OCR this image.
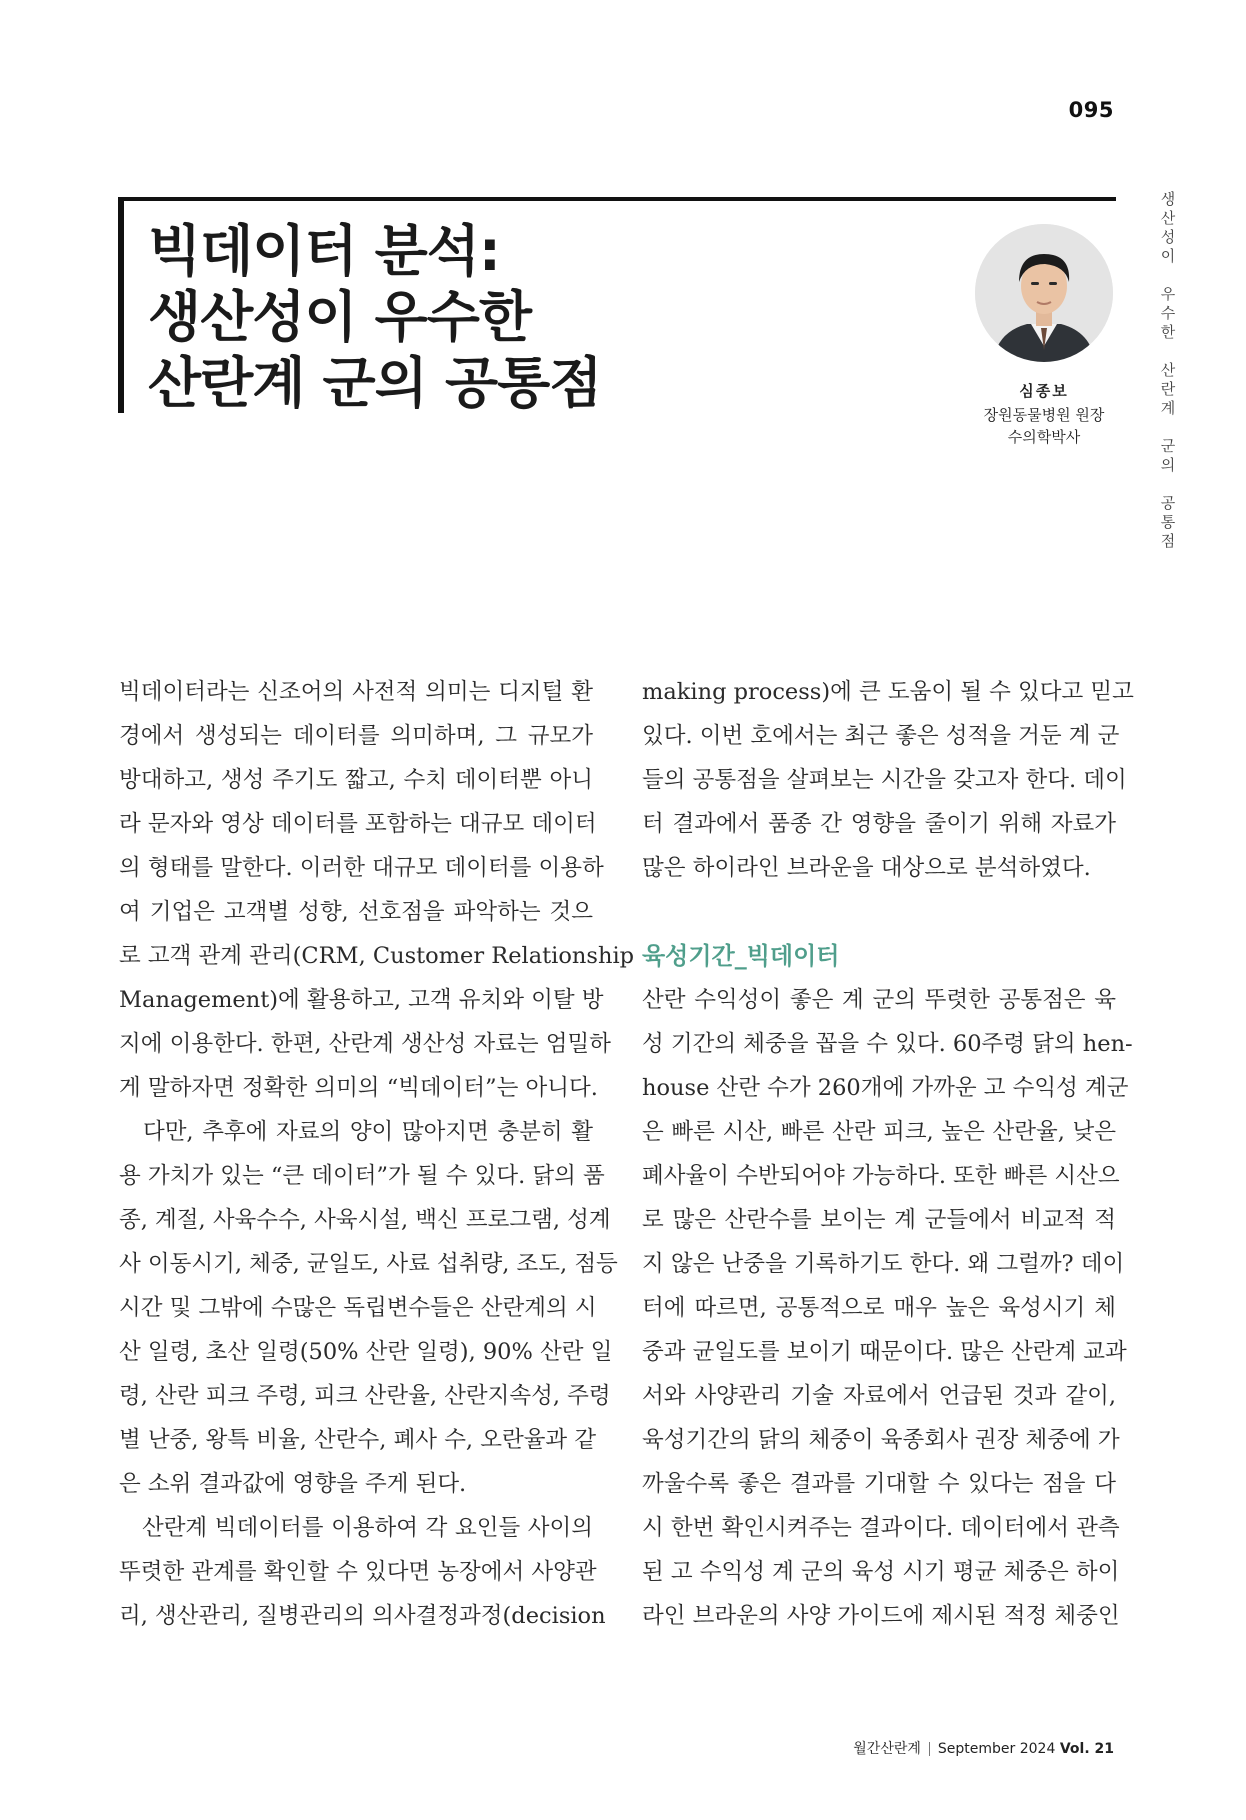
095
빅데이터 분석:
생산성이 우수한
산란계 군의 공통점	심종보
장원동물병원 원장
수의학박사
생
산
성
이
우
수
한
산
란
계
군
의
공
통
점
빅데이터라는 신조어의 사전적 의미는 디지털 환
경에서 생성되는 데이터를 의미하며, 그 규모가
방대하고, 생성 주기도 짧고, 수치 데이터뿐 아니
라 문자와 영상 데이터를 포함하는 대규모 데이터
의 형태를 말한다. 이러한 대규모 데이터를 이용하
여 기업은 고객별 성향, 선호점을 파악하는 것으
로 고객 관계 관리(CRM, Customer Relationship
Management)에 활용하고, 고객 유치와 이탈 방
지에 이용한다. 한편, 산란계 생산성 자료는 엄밀하
게 말하자면 정확한 의미의 “빅데이터”는 아니다.
　다만, 추후에 자료의 양이 많아지면 충분히 활
용 가치가 있는 “큰 데이터”가 될 수 있다. 닭의 품
종, 계절, 사육수수, 사육시설, 백신 프로그램, 성계
사 이동시기, 체중, 균일도, 사료 섭취량, 조도, 점등
시간 및 그밖에 수많은 독립변수들은 산란계의 시
산 일령, 초산 일령(50% 산란 일령), 90% 산란 일
령, 산란 피크 주령, 피크 산란율, 산란지속성, 주령
별 난중, 왕특 비율, 산란수, 폐사 수, 오란율과 같
은 소위 결과값에 영향을 주게 된다.
　산란계 빅데이터를 이용하여 각 요인들 사이의
뚜렷한 관계를 확인할 수 있다면 농장에서 사양관
리, 생산관리, 질병관리의 의사결정과정(decision
making process)에 큰 도움이 될 수 있다고 믿고
있다. 이번 호에서는 최근 좋은 성적을 거둔 계 군
들의 공통점을 살펴보는 시간을 갖고자 한다. 데이
터 결과에서 품종 간 영향을 줄이기 위해 자료가
많은 하이라인 브라운을 대상으로 분석하였다.
육성기간_빅데이터
산란 수익성이 좋은 계 군의 뚜렷한 공통점은 육
성 기간의 체중을 꼽을 수 있다. 60주령 닭의 hen-
house 산란 수가 260개에 가까운 고 수익성 계군
은 빠른 시산, 빠른 산란 피크, 높은 산란율, 낮은
폐사율이 수반되어야 가능하다. 또한 빠른 시산으
로 많은 산란수를 보이는 계 군들에서 비교적 적
지 않은 난중을 기록하기도 한다. 왜 그럴까? 데이
터에 따르면, 공통적으로 매우 높은 육성시기 체
중과 균일도를 보이기 때문이다. 많은 산란계 교과
서와 사양관리 기술 자료에서 언급된 것과 같이,
육성기간의 닭의 체중이 육종회사 권장 체중에 가
까울수록 좋은 결과를 기대할 수 있다는 점을 다
시 한번 확인시켜주는 결과이다. 데이터에서 관측
된 고 수익성 계 군의 육성 시기 평균 체중은 하이
라인 브라운의 사양 가이드에 제시된 적정 체중인
월간산란계 September 2024 Vol. 21
